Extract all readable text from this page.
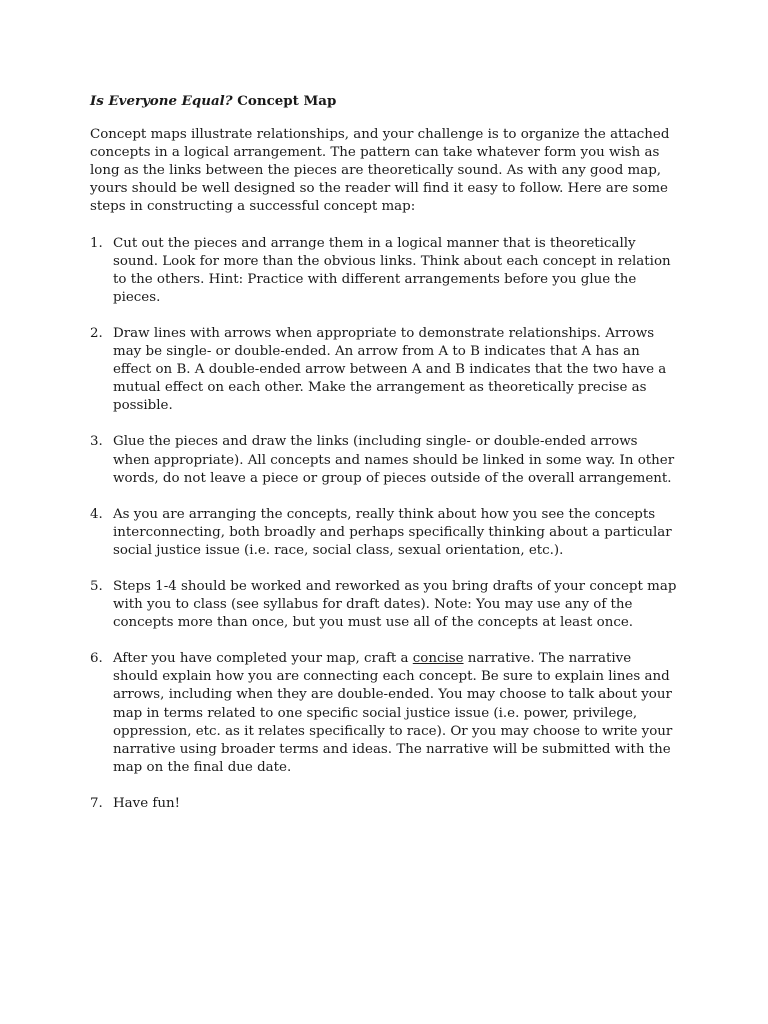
Is Everyone Equal? Concept Map

Concept maps illustrate relationships, and your challenge is to organize the attached concepts in a logical arrangement. The pattern can take whatever form you wish as long as the links between the pieces are theoretically sound. As with any good map, yours should be well designed so the reader will find it easy to follow. Here are some steps in constructing a successful concept map:

1. Cut out the pieces and arrange them in a logical manner that is theoretically sound. Look for more than the obvious links. Think about each concept in relation to the others. Hint: Practice with different arrangements before you glue the pieces.
2. Draw lines with arrows when appropriate to demonstrate relationships. Arrows may be single- or double-ended. An arrow from A to B indicates that A has an effect on B. A double-ended arrow between A and B indicates that the two have a mutual effect on each other. Make the arrangement as theoretically precise as possible.
3. Glue the pieces and draw the links (including single- or double-ended arrows when appropriate). All concepts and names should be linked in some way. In other words, do not leave a piece or group of pieces outside of the overall arrangement.
4. As you are arranging the concepts, really think about how you see the concepts interconnecting, both broadly and perhaps specifically thinking about a particular social justice issue (i.e. race, social class, sexual orientation, etc.).
5. Steps 1-4 should be worked and reworked as you bring drafts of your concept map with you to class (see syllabus for draft dates). Note: You may use any of the concepts more than once, but you must use all of the concepts at least once.
6. After you have completed your map, craft a concise narrative. The narrative should explain how you are connecting each concept. Be sure to explain lines and arrows, including when they are double-ended. You may choose to talk about your map in terms related to one specific social justice issue (i.e. power, privilege, oppression, etc. as it relates specifically to race). Or you may choose to write your narrative using broader terms and ideas. The narrative will be submitted with the map on the final due date.
7. Have fun!
